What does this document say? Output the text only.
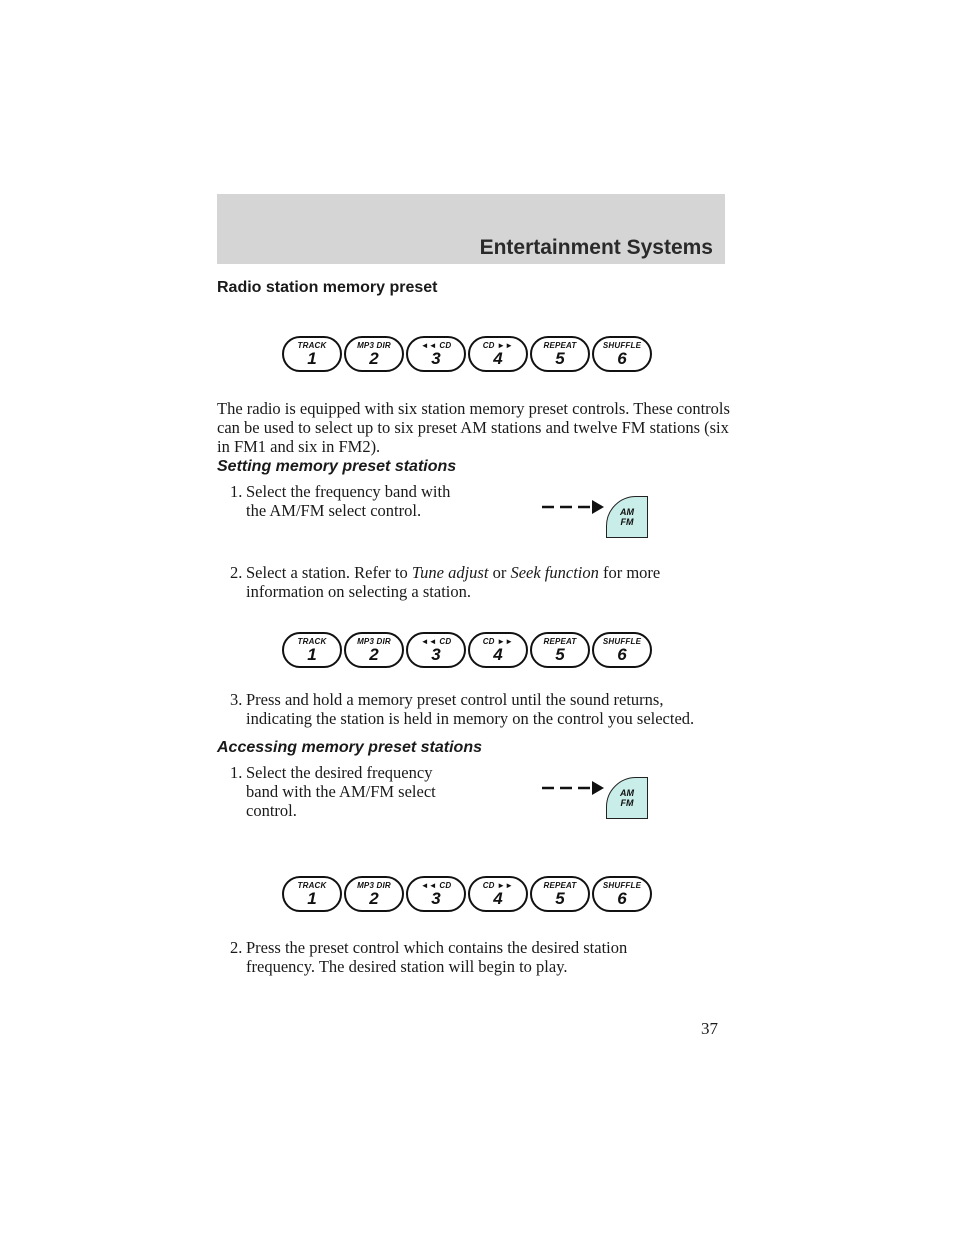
Entertainment Systems
Radio station memory preset
TRACK
1
MP3 DIR
2
◄◄ CD
3
CD ►►
4
REPEAT
5
SHUFFLE
6

The radio is equipped with six station memory preset controls. These controls can be used to select up to six preset AM stations and twelve FM stations (six in FM1 and six in FM2).

Setting memory preset stations
1. Select the frequency band with
the AM/FM select control.	AM
FM
2. Select a station. Refer to Tune adjust or Seek function for more
information on selecting a station.
TRACK
1
MP3 DIR
2
◄◄ CD
3
CD ►►
4
REPEAT
5
SHUFFLE
6
3. Press and hold a memory preset control until the sound returns,
indicating the station is held in memory on the control you selected.
Accessing memory preset stations
1. Select the desired frequency
band with the AM/FM select
control.
AM
FM
TRACK
1
MP3 DIR
2
◄◄ CD
3
CD ►►
4
REPEAT
5
SHUFFLE
6
2. Press the preset control which contains the desired station
frequency. The desired station will begin to play.
37
